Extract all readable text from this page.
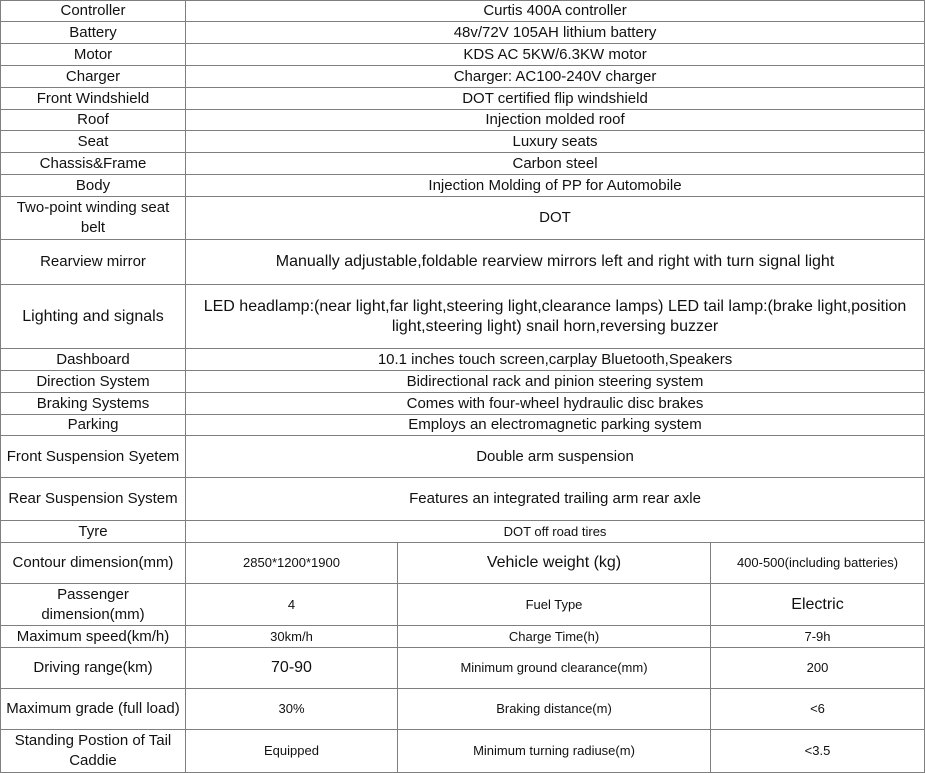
Controller	Curtis 400A controller		
Battery	48v/72V 105AH lithium battery		
Motor	KDS AC 5KW/6.3KW motor		
Charger	Charger: AC100-240V charger		
Front Windshield	DOT certified flip windshield		
Roof	Injection molded roof		
Seat	Luxury seats		
Chassis&Frame	Carbon steel		
Body	Injection Molding of PP for Automobile		
Two-point winding seat belt	DOT		
Rearview mirror	Manually adjustable,foldable rearview mirrors left and right with turn signal light		
Lighting and signals	LED headlamp:(near light,far light,steering light,clearance lamps) LED tail lamp:(brake light,position light,steering light) snail horn,reversing buzzer		
Dashboard	10.1 inches touch screen,carplay Bluetooth,Speakers		
Direction System	Bidirectional rack and pinion steering system		
Braking Systems	Comes with four-wheel hydraulic disc brakes		
Parking	Employs an electromagnetic parking system		
Front Suspension Syetem	Double arm suspension		
Rear Suspension System	Features an integrated trailing arm rear axle		
Tyre	DOT off road tires		
Contour dimension(mm)	2850*1200*1900	Vehicle weight (kg)	400-500(including batteries)
Passenger dimension(mm)	4	Fuel Type	Electric
Maximum speed(km/h)	30km/h	Charge Time(h)	7-9h
Driving range(km)	70-90	Minimum ground clearance(mm)	200
Maximum grade (full load)	30%	Braking distance(m)	<6
Standing Postion of Tail Caddie	Equipped	Minimum turning radiuse(m)	<3.5
